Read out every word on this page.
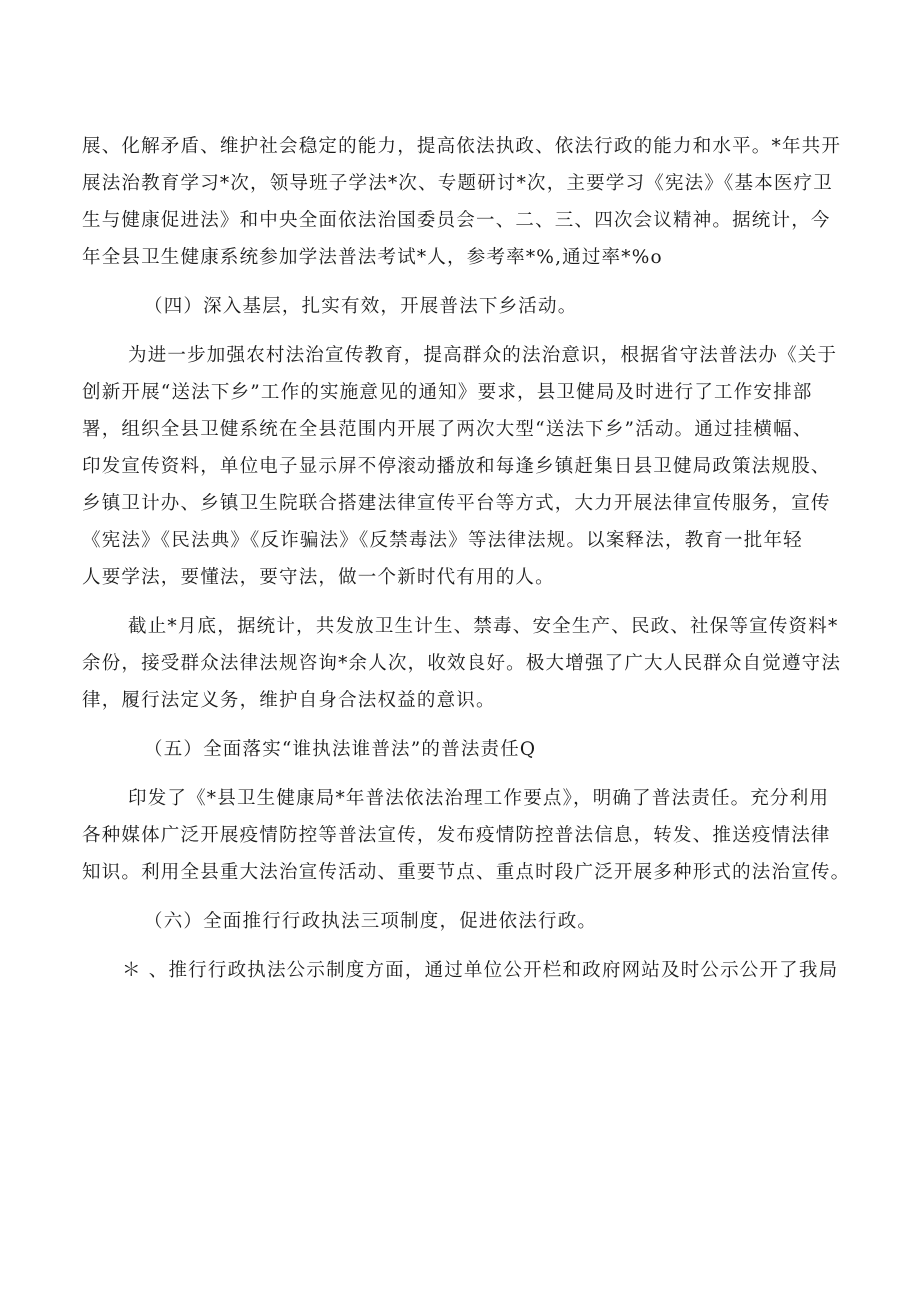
展、化解矛盾、维护社会稳定的能力，提高依法执政、依法行政的能力和水平。*年共开
展法治教育学习*次，领导班子学法*次、专题研讨*次，主要学习《宪法》《基本医疗卫
生与健康促进法》和中央全面依法治国委员会一、二、三、四次会议精神。据统计，今
年全县卫生健康系统参加学法普法考试*人，参考率*%,通过率*%o
（四）深入基层，扎实有效，开展普法下乡活动。
为进一步加强农村法治宣传教育，提高群众的法治意识，根据省守法普法办《关于
创新开展“送法下乡”工作的实施意见的通知》要求，县卫健局及时进行了工作安排部
署，组织全县卫健系统在全县范围内开展了两次大型“送法下乡”活动。通过挂横幅、
印发宣传资料，单位电子显示屏不停滚动播放和每逢乡镇赶集日县卫健局政策法规股、
乡镇卫计办、乡镇卫生院联合搭建法律宣传平台等方式，大力开展法律宣传服务，宣传
《宪法》《民法典》《反诈骗法》《反禁毒法》等法律法规。以案释法，教育一批年轻
人要学法，要懂法，要守法，做一个新时代有用的人。
截止*月底，据统计，共发放卫生计生、禁毒、安全生产、民政、社保等宣传资料*
余份，接受群众法律法规咨询*余人次，收效良好。极大增强了广大人民群众自觉遵守法
律，履行法定义务，维护自身合法权益的意识。
（五）全面落实“谁执法谁普法”的普法责任Q
印发了《*县卫生健康局*年普法依法治理工作要点》，明确了普法责任。充分利用
各种媒体广泛开展疫情防控等普法宣传，发布疫情防控普法信息，转发、推送疫情法律
知识。利用全县重大法治宣传活动、重要节点、重点时段广泛开展多种形式的法治宣传。
（六）全面推行行政执法三项制度，促进依法行政。
＊ 、推行行政执法公示制度方面，通过单位公开栏和政府网站及时公示公开了我局
